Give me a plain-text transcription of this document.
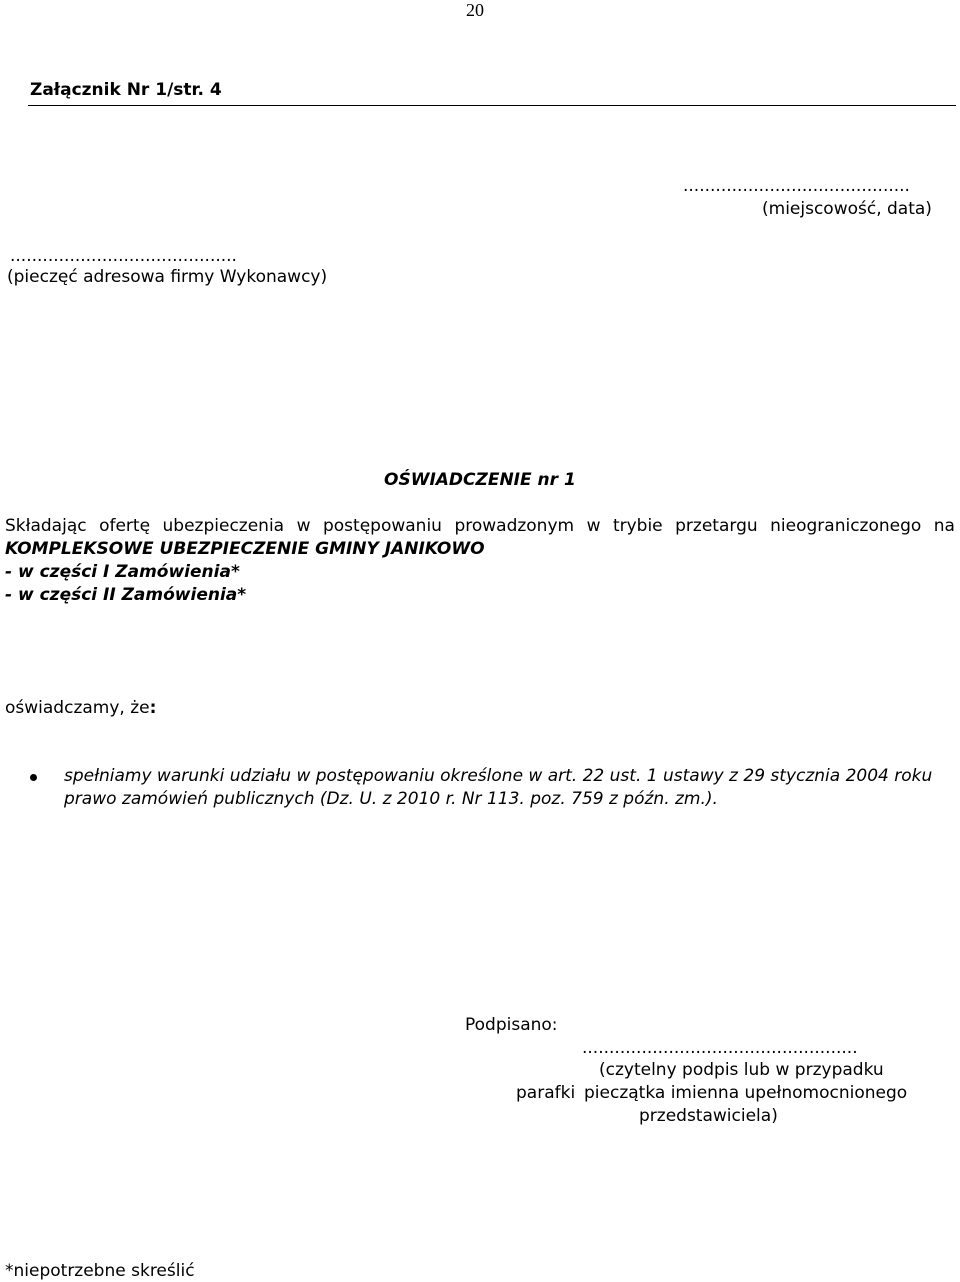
20
Załącznik Nr 1/str. 4
..........................................
(miejscowość, data)
..........................................
(pieczęć adresowa firmy Wykonawcy)
OŚWIADCZENIE nr 1
Składając ofertę ubezpieczenia w postępowaniu prowadzonym w trybie przetargu nieograniczonego na
KOMPLEKSOWE UBEZPIECZENIE GMINY JANIKOWO
- w części I Zamówienia*
- w części II Zamówienia*
oświadczamy, że:
spełniamy warunki udziału w postępowaniu określone w art. 22 ust. 1 ustawy z 29 stycznia 2004 roku
prawo zamówień publicznych (Dz. U. z 2010 r. Nr 113. poz. 759 z późn. zm.).
Podpisano:
...................................................
(czytelny podpis lub w przypadku
parafki pieczątka imienna upełnomocnionego
przedstawiciela)
*niepotrzebne skreślić
